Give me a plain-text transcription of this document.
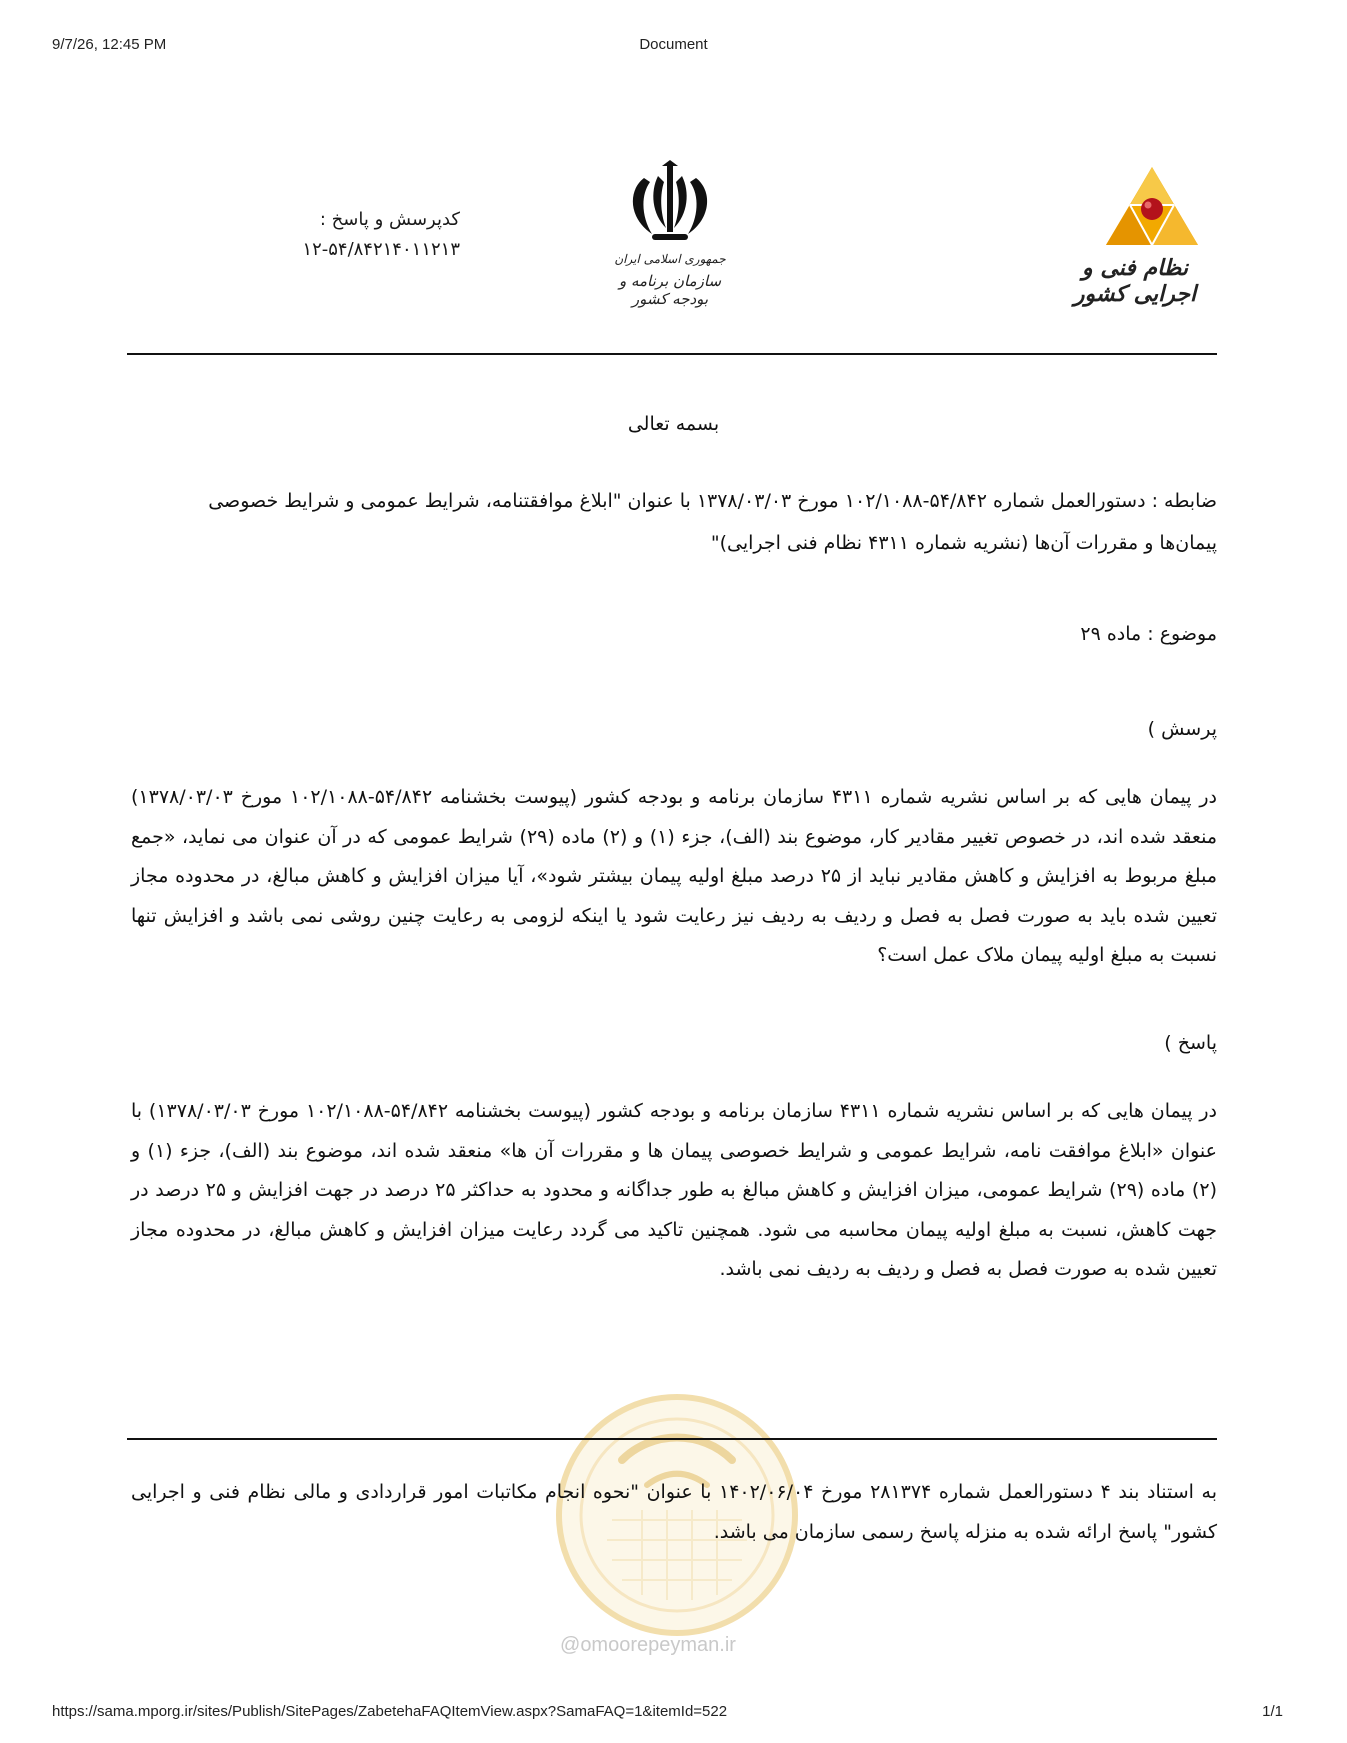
9/7/26, 12:45 PM	Document
کدپرسش و پاسخ :
۱۲-۵۴/۸۴۲۱۴۰۱۱۲۱۳	جمهوری اسلامی ایران
سازمان برنامه و بودجه کشور
نظام فنی و اجرایی کشور
بسمه تعالی
ضابطه : دستورالعمل شماره ۵۴/۸۴۲-۱۰۲/۱۰۸۸ مورخ ۱۳۷۸/۰۳/۰۳ با عنوان "ابلاغ موافقتنامه، شرایط عمومی و شرایط خصوصی
پیمان‌ها و مقررات آن‌ها (نشریه شماره ۴۳۱۱ نظام فنی اجرایی)"
موضوع : ماده ۲۹
پرسش )
در پیمان هایی که بر اساس نشریه شماره ۴۳۱۱ سازمان برنامه و بودجه کشور (پیوست بخشنامه ۵۴/۸۴۲-۱۰۲/۱۰۸۸ مورخ ۱۳۷۸/۰۳/۰۳) منعقد شده اند، در خصوص تغییر مقادیر کار، موضوع بند (الف)، جزء (۱) و (۲) ماده (۲۹) شرایط عمومی که در آن عنوان می نماید، «جمع مبلغ مربوط به افزایش و کاهش مقادیر نباید از ۲۵ درصد مبلغ اولیه پیمان بیشتر شود»، آیا میزان افزایش و کاهش مبالغ، در محدوده مجاز تعیین شده باید به صورت فصل به فصل و ردیف به ردیف نیز رعایت شود یا اینکه لزومی به رعایت چنین روشی نمی باشد و افزایش تنها نسبت به مبلغ اولیه پیمان ملاک عمل است؟
پاسخ )
در پیمان هایی که بر اساس نشریه شماره ۴۳۱۱ سازمان برنامه و بودجه کشور (پیوست بخشنامه ۵۴/۸۴۲-۱۰۲/۱۰۸۸ مورخ ۱۳۷۸/۰۳/۰۳) با عنوان «ابلاغ موافقت نامه، شرایط عمومی و شرایط خصوصی پیمان ها و مقررات آن ها» منعقد شده اند، موضوع بند (الف)، جزء (۱) و (۲) ماده (۲۹) شرایط عمومی، میزان افزایش و کاهش مبالغ به طور جداگانه و محدود به حداکثر ۲۵ درصد در جهت افزایش و ۲۵ درصد در جهت کاهش، نسبت به مبلغ اولیه پیمان محاسبه می شود. همچنین تاکید می گردد رعایت میزان افزایش و کاهش مبالغ، در محدوده مجاز تعیین شده به صورت فصل به فصل و ردیف به ردیف نمی باشد.
@omoorepeyman.ir
به استناد بند ۴ دستورالعمل شماره ۲۸۱۳۷۴ مورخ ۱۴۰۲/۰۶/۰۴ با عنوان "نحوه انجام مکاتبات امور قراردادی و مالی نظام فنی و اجرایی کشور" پاسخ ارائه شده به منزله پاسخ رسمی سازمان می باشد.
https://sama.mporg.ir/sites/Publish/SitePages/ZabetehaFAQItemView.aspx?SamaFAQ=1&itemId=522	1/1
